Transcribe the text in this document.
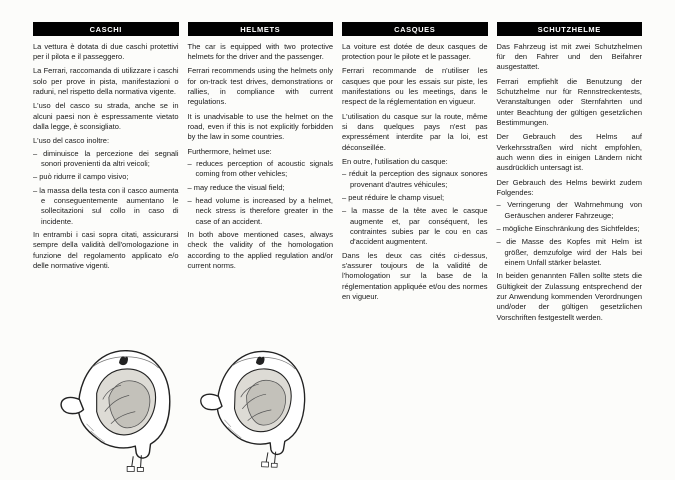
CASCHI

La vettura è dotata di due caschi protettivi per il pilota e il passeggero.

La Ferrari, raccomanda di utilizzare i caschi solo per prove in pista, manifestazioni o raduni, nel rispetto della normativa vigente.

L'uso del casco su strada, anche se in alcuni paesi non è espressamente vietato dalla legge, è sconsigliato.

L'uso del casco inoltre:

– diminuisce la percezione dei segnali sonori provenienti da altri veicoli;

– può ridurre il campo visivo;

– la massa della testa con il casco aumenta e conseguentemente aumentano le sollecitazioni sul collo in caso di incidente.

In entrambi i casi sopra citati, assicurarsi sempre della validità dell'omologazione in funzione del regolamento applicato e/o delle normative vigenti.

HELMETS

The car is equipped with two protective helmets for the driver and the passenger.

Ferrari recommends using the helmets only for on-track test drives, demonstrations or rallies, in compliance with current regulations.

It is unadvisable to use the helmet on the road, even if this is not explicitly forbidden by the law in some countries.

Furthermore, helmet use:

– reduces perception of acoustic signals coming from other vehicles;

– may reduce the visual field;

– head volume is increased by a helmet, neck stress is therefore greater in the case of an accident.

In both above mentioned cases, always check the validity of the homologation according to the applied regulation and/or current norms.

CASQUES

La voiture est dotée de deux casques de protection pour le pilote et le passager.

Ferrari recommande de n'utiliser les casques que pour les essais sur piste, les manifestations ou les meetings, dans le respect de la réglementation en vigueur.

L'utilisation du casque sur la route, même si dans quelques pays n'est pas expressément interdite par la loi, est déconseillée.

En outre, l'utilisation du casque:

– réduit la perception des signaux sonores provenant d'autres véhicules;

– peut réduire le champ visuel;

– la masse de la tête avec le casque augmente et, par conséquent, les contraintes subies par le cou en cas d'accident augmentent.

Dans les deux cas cités ci-dessus, s'assurer toujours de la validité de l'homologation sur la base de la réglementation appliquée et/ou des normes en vigueur.

SCHUTZHELME

Das Fahrzeug ist mit zwei Schutzhelmen für den Fahrer und den Beifahrer ausgestattet.

Ferrari empfiehlt die Benutzung der Schutzhelme nur für Rennstreckentests, Veranstaltungen oder Sternfahrten und unter Beachtung der gültigen gesetzlichen Bestimmungen.

Der Gebrauch des Helms auf Verkehrsstraßen wird nicht empfohlen, auch wenn dies in einigen Ländern nicht ausdrücklich untersagt ist.

Der Gebrauch des Helms bewirkt zudem Folgendes:

– Verringerung der Wahrnehmung von Geräuschen anderer Fahrzeuge;

– mögliche Einschränkung des Sichtfeldes;

– die Masse des Kopfes mit Helm ist größer, demzufolge wird der Hals bei einem Unfall stärker belastet.

In beiden genannten Fällen sollte stets die Gültigkeit der Zulassung entsprechend der zur Anwendung kommenden Verordnungen und/oder der gültigen gesetzlichen Vorschriften festgestellt werden.
